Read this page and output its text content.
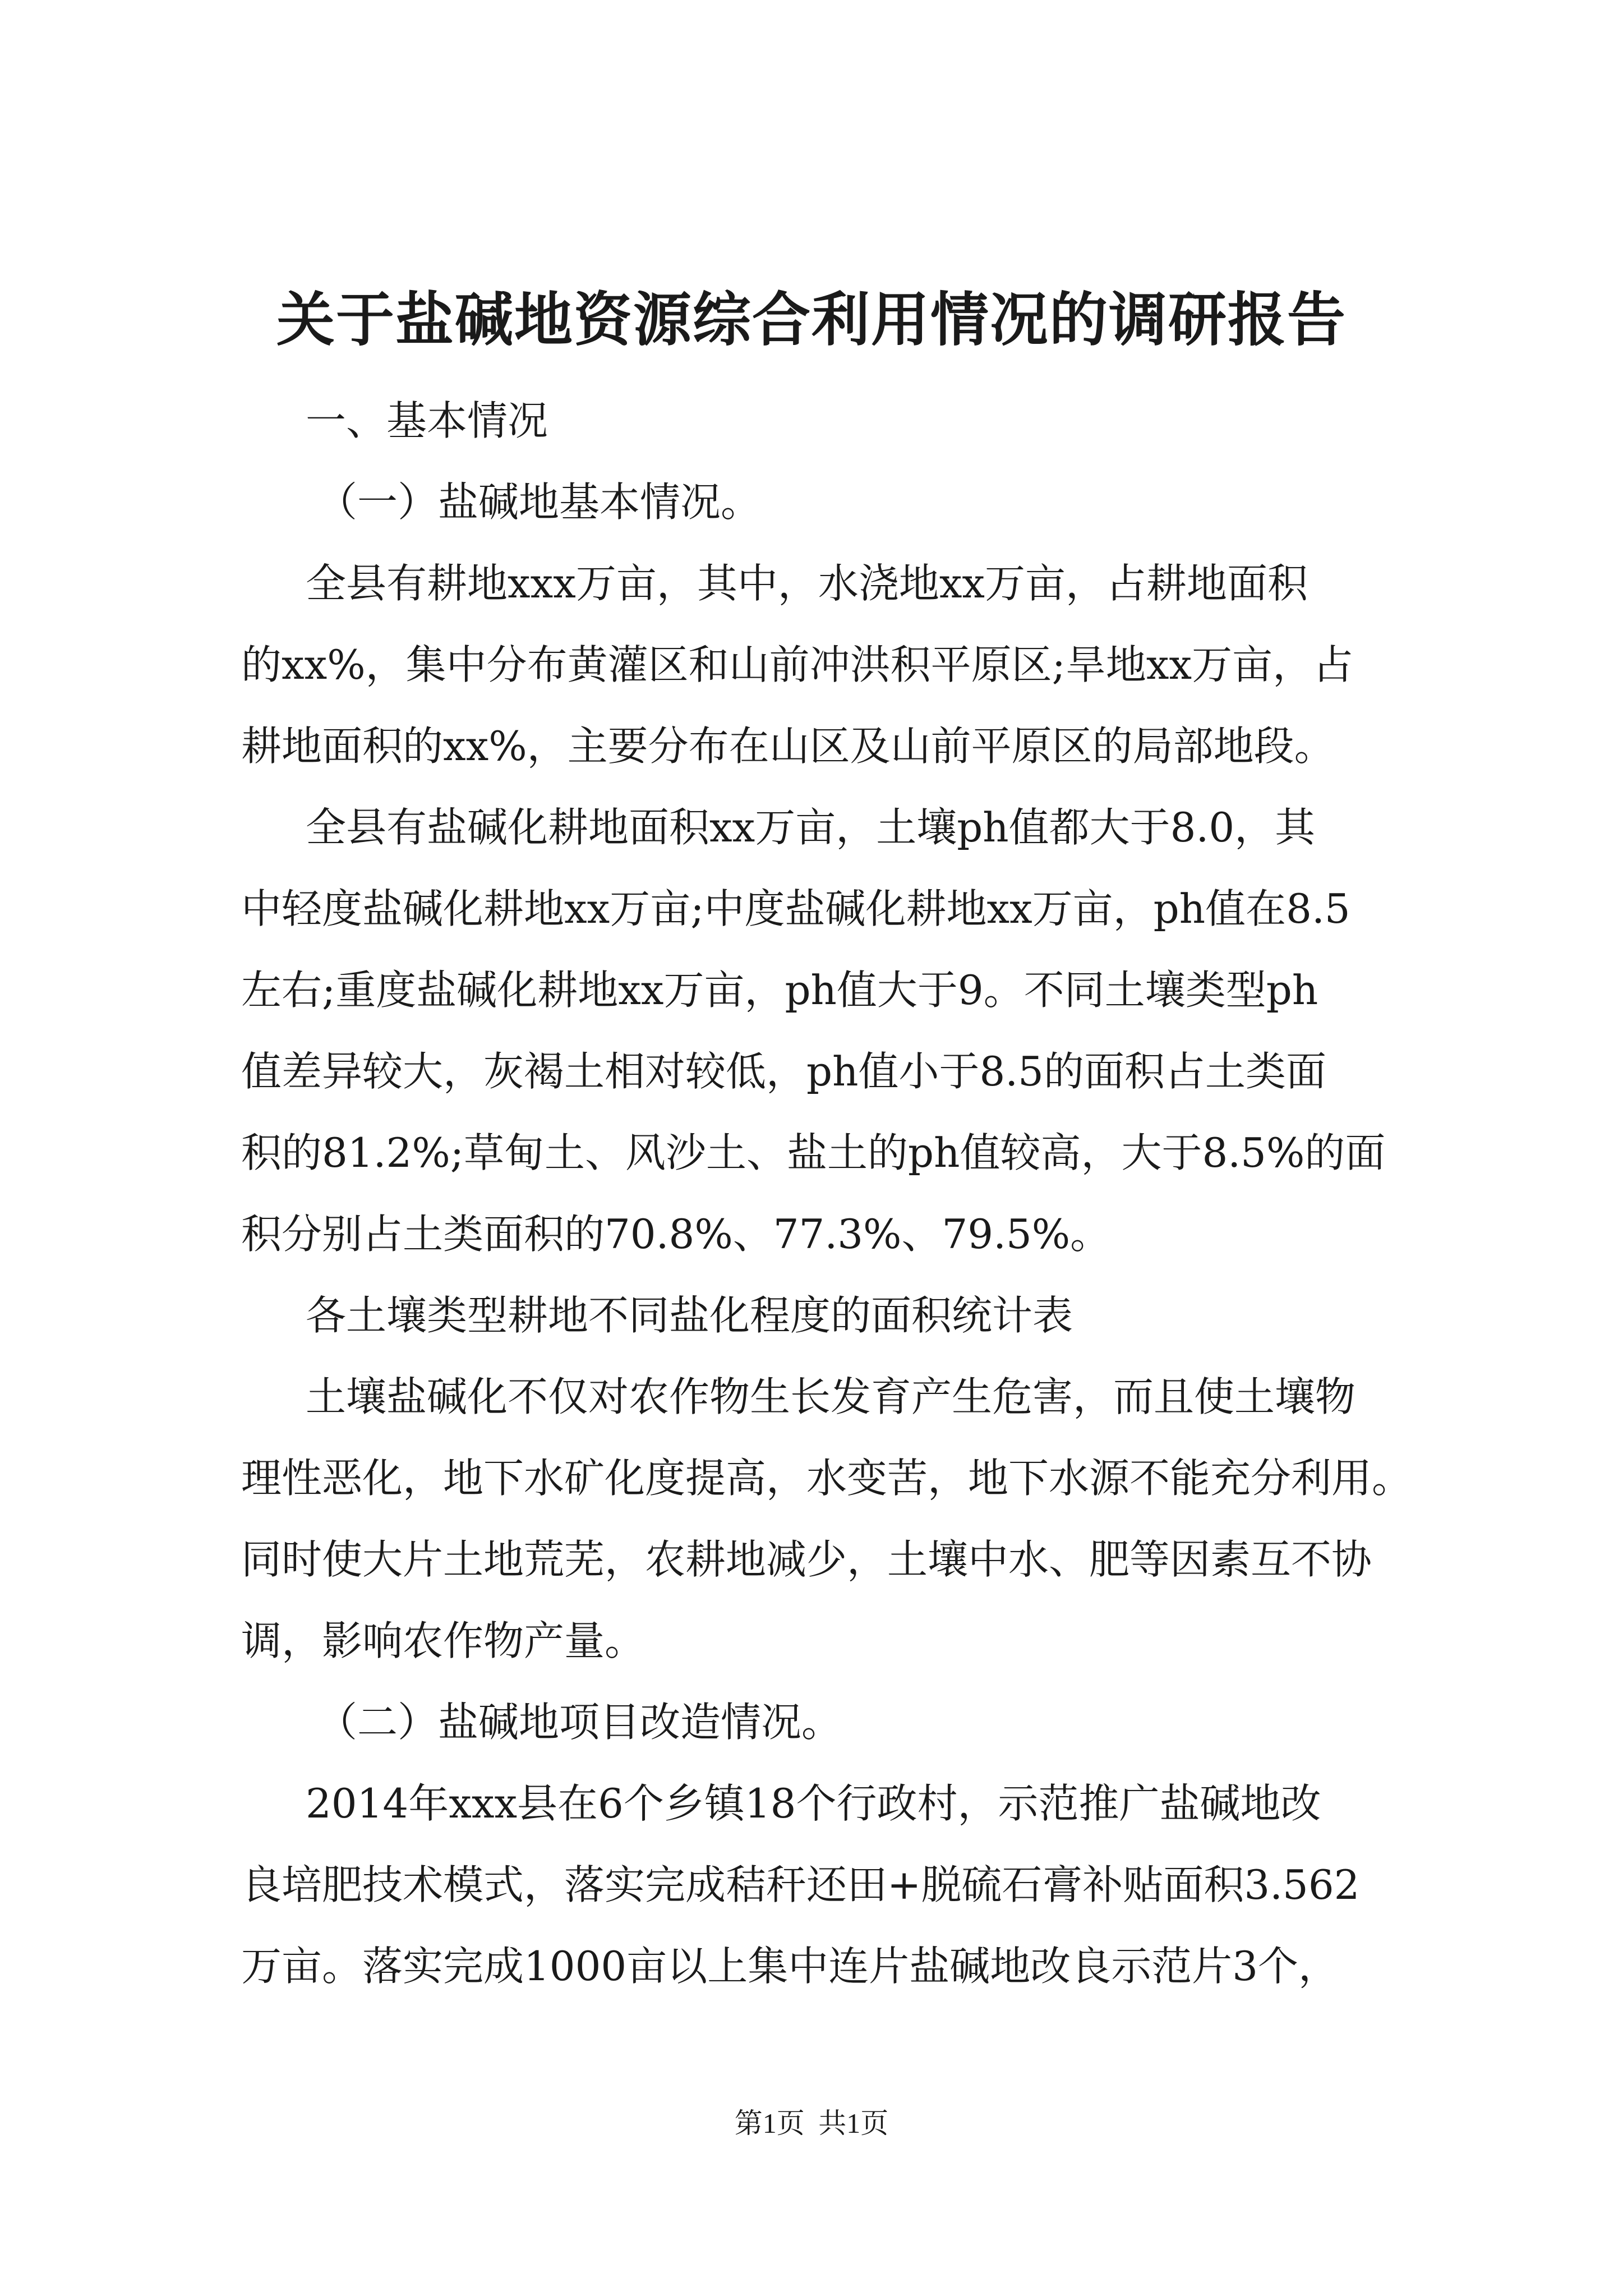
关于盐碱地资源综合利用情况的调研报告
一、基本情况
（一）盐碱地基本情况。
全县有耕地xxx万亩，其中，水浇地xx万亩，占耕地面积
的xx%，集中分布黄灌区和山前冲洪积平原区;旱地xx万亩，占
耕地面积的xx%，主要分布在山区及山前平原区的局部地段。
全县有盐碱化耕地面积xx万亩，土壤ph值都大于8.0，其
中轻度盐碱化耕地xx万亩;中度盐碱化耕地xx万亩，ph值在8.5
左右;重度盐碱化耕地xx万亩，ph值大于9。不同土壤类型ph
值差异较大，灰褐土相对较低，ph值小于8.5的面积占土类面
积的81.2%;草甸土、风沙土、盐土的ph值较高，大于8.5%的面
积分别占土类面积的70.8%、77.3%、79.5%。
各土壤类型耕地不同盐化程度的面积统计表
土壤盐碱化不仅对农作物生长发育产生危害，而且使土壤物
理性恶化，地下水矿化度提高，水变苦，地下水源不能充分利用。
同时使大片土地荒芜，农耕地减少，土壤中水、肥等因素互不协
调，影响农作物产量。
（二）盐碱地项目改造情况。
2014年xxx县在6个乡镇18个行政村，示范推广盐碱地改
良培肥技术模式，落实完成秸秆还田+脱硫石膏补贴面积3.562
万亩。落实完成1000亩以上集中连片盐碱地改良示范片3个，
第1页 共1页
